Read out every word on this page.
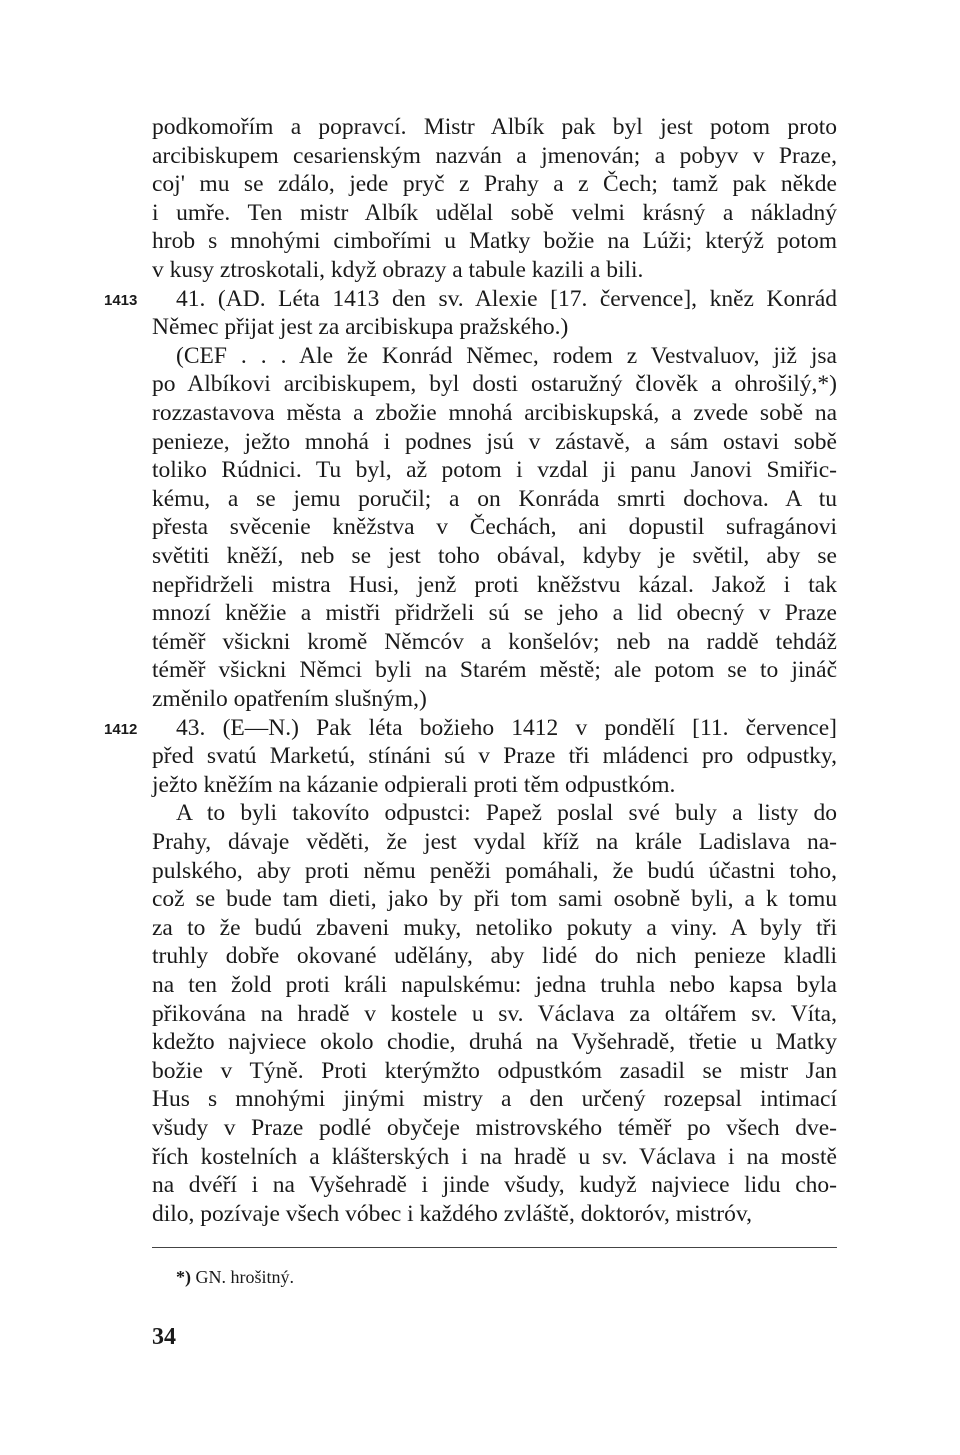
podkomořím a popravcí. Mistr Albík pak byl jest potom proto
arcibiskupem cesarienským nazván a jmenován; a pobyv v Praze,
coj' mu se zdálo, jede pryč z Prahy a z Čech; tamž pak někde
i umře. Ten mistr Albík udělal sobě velmi krásný a nákladný
hrob s mnohými cimbořími u Matky božie na Lúži; kterýž potom
v kusy ztroskotali, když obrazy a tabule kazili a bili.
41. (AD. Léta 1413 den sv. Alexie [17. července], kněz Konrád
Němec přijat jest za arcibiskupa pražského.)
(CEF . . . Ale že Konrád Němec, rodem z Vestvaluov, již jsa
po Albíkovi arcibiskupem, byl dosti ostaružný člověk a ohrošilý,*)
rozzastavova města a zbožie mnohá arcibiskupská, a zvede sobě na
penieze, ježto mnohá i podnes jsú v zástavě, a sám ostavi sobě
toliko Rúdnici. Tu byl, až potom i vzdal ji panu Janovi Smiřic-
kému, a se jemu poručil; a on Konráda smrti dochova. A tu
přesta svěcenie kněžstva v Čechách, ani dopustil sufragánovi
světiti kněží, neb se jest toho obával, kdyby je světil, aby se
nepřidrželi mistra Husi, jenž proti kněžstvu kázal. Jakož i tak
mnozí kněžie a mistři přidrželi sú se jeho a lid obecný v Praze
téměř všickni kromě Němcóv a konšelóv; neb na raddě tehdáž
téměř všickni Němci byli na Starém městě; ale potom se to jináč
změnilo opatřením slušným,)
43. (E—N.) Pak léta božieho 1412 v pondělí [11. července]
před svatú Marketú, stínáni sú v Praze tři mládenci pro odpustky,
ježto kněžím na kázanie odpierali proti těm odpustkóm.
A to byli takovíto odpustci: Papež poslal své buly a listy do
Prahy, dávaje věděti, že jest vydal kříž na krále Ladislava na-
pulského, aby proti němu peněži pomáhali, že budú účastni toho,
což se bude tam dieti, jako by při tom sami osobně byli, a k tomu
za to že budú zbaveni muky, netoliko pokuty a viny. A byly tři
truhly dobře okované udělány, aby lidé do nich penieze kladli
na ten žold proti králi napulskému: jedna truhla nebo kapsa byla
přikována na hradě v kostele u sv. Václava za oltářem sv. Víta,
kdežto najviece okolo chodie, druhá na Vyšehradě, třetie u Matky
božie v Týně. Proti kterýmžto odpustkóm zasadil se mistr Jan
Hus s mnohými jinými mistry a den určený rozepsal intimací
všudy v Praze podlé obyčeje mistrovského téměř po všech dve-
řích kostelních a klášterských i na hradě u sv. Václava i na mostě
na dvéří i na Vyšehradě i jinde všudy, kudyž najviece lidu cho-
dilo, pozívaje všech vóbec i každého zvláště, doktoróv, mistróv,
1413
1412
*) GN. hrošitný.
34
